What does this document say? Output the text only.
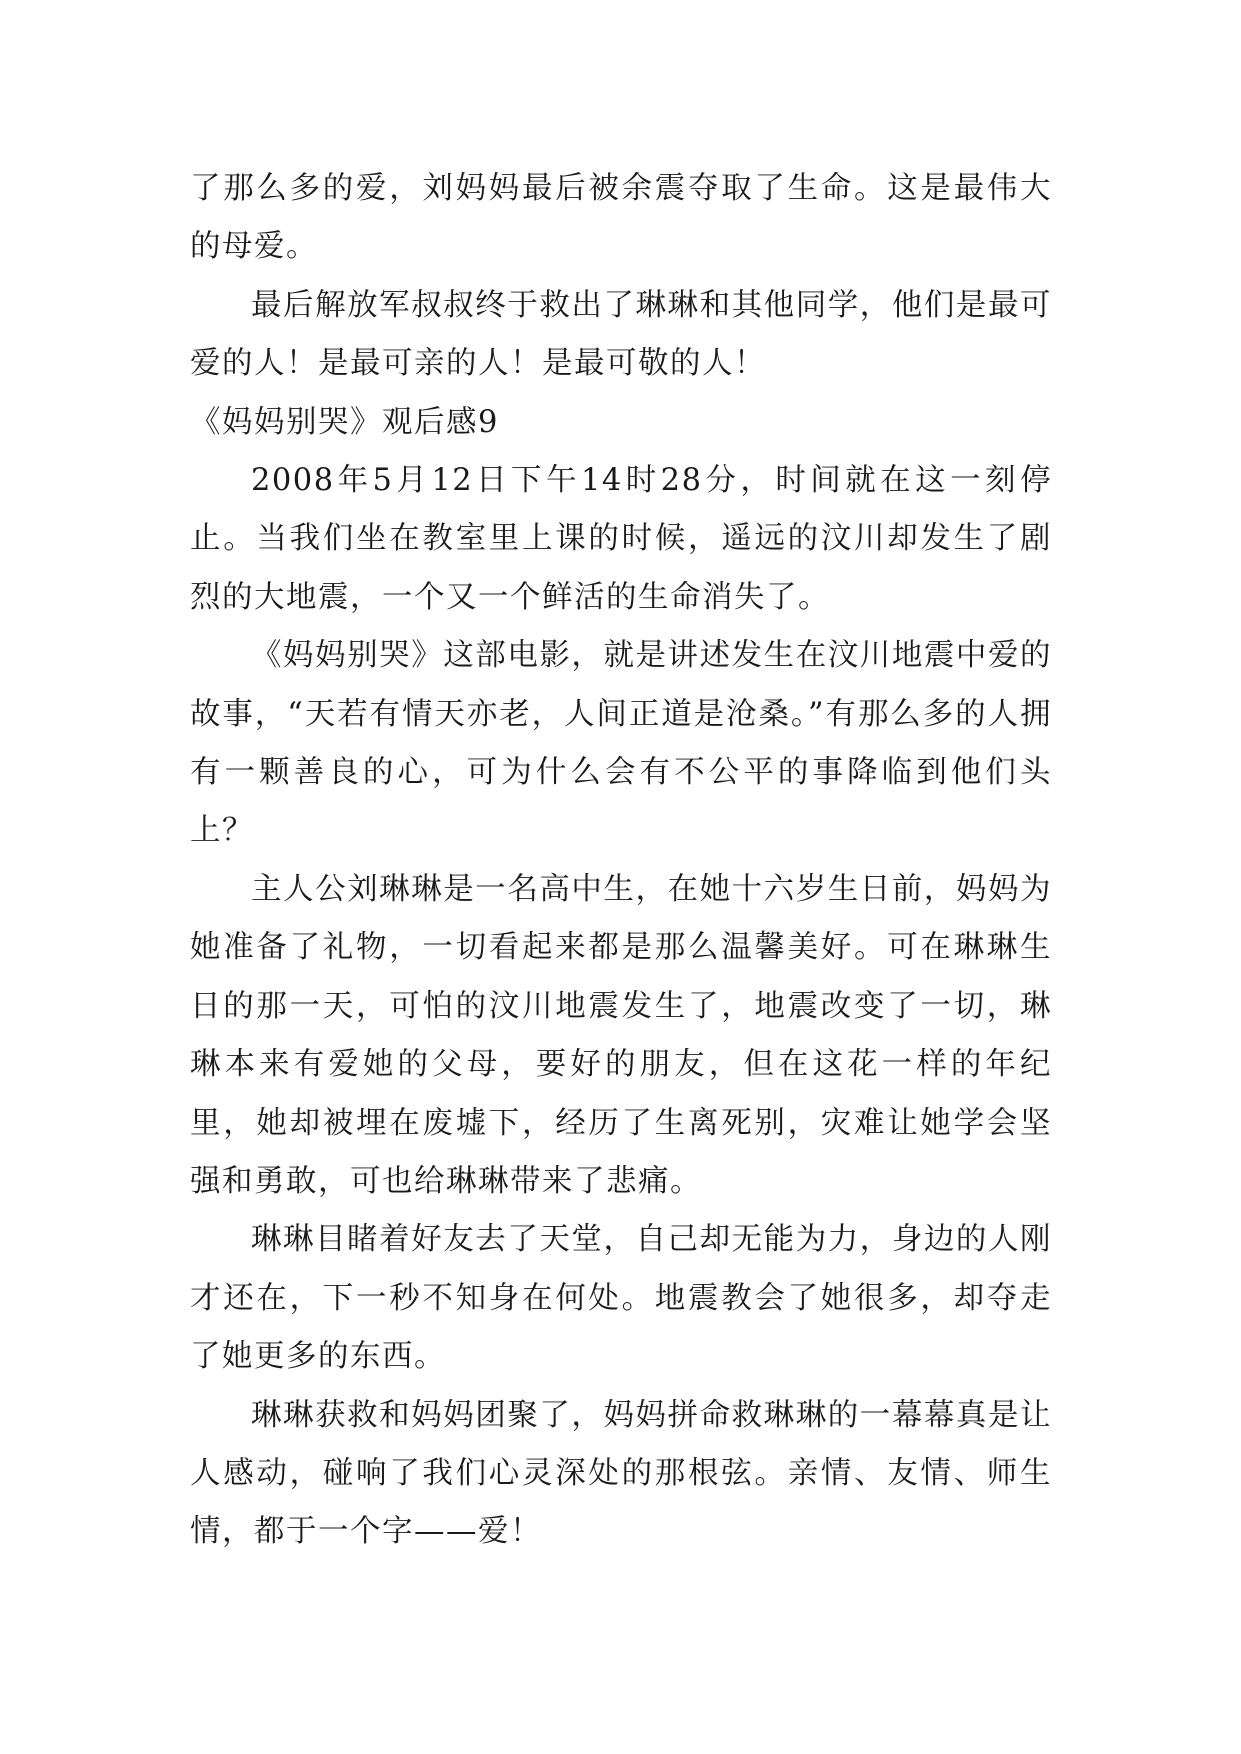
了那么多的爱，刘妈妈最后被余震夺取了生命。这是最伟大的母爱。

最后解放军叔叔终于救出了琳琳和其他同学，他们是最可爱的人！是最可亲的人！是最可敬的人！

《妈妈别哭》观后感9

2008年5月12日下午14时28分，时间就在这一刻停止。当我们坐在教室里上课的时候，遥远的汶川却发生了剧烈的大地震，一个又一个鲜活的生命消失了。

《妈妈别哭》这部电影，就是讲述发生在汶川地震中爱的故事，“天若有情天亦老，人间正道是沧桑。”有那么多的人拥有一颗善良的心，可为什么会有不公平的事降临到他们头上？

主人公刘琳琳是一名高中生，在她十六岁生日前，妈妈为她准备了礼物，一切看起来都是那么温馨美好。可在琳琳生日的那一天，可怕的汶川地震发生了，地震改变了一切，琳琳本来有爱她的父母，要好的朋友，但在这花一样的年纪里，她却被埋在废墟下，经历了生离死别，灾难让她学会坚强和勇敢，可也给琳琳带来了悲痛。

琳琳目睹着好友去了天堂，自己却无能为力，身边的人刚才还在，下一秒不知身在何处。地震教会了她很多，却夺走了她更多的东西。

琳琳获救和妈妈团聚了，妈妈拼命救琳琳的一幕幕真是让人感动，碰响了我们心灵深处的那根弦。亲情、友情、师生情，都于一个字——爱！
